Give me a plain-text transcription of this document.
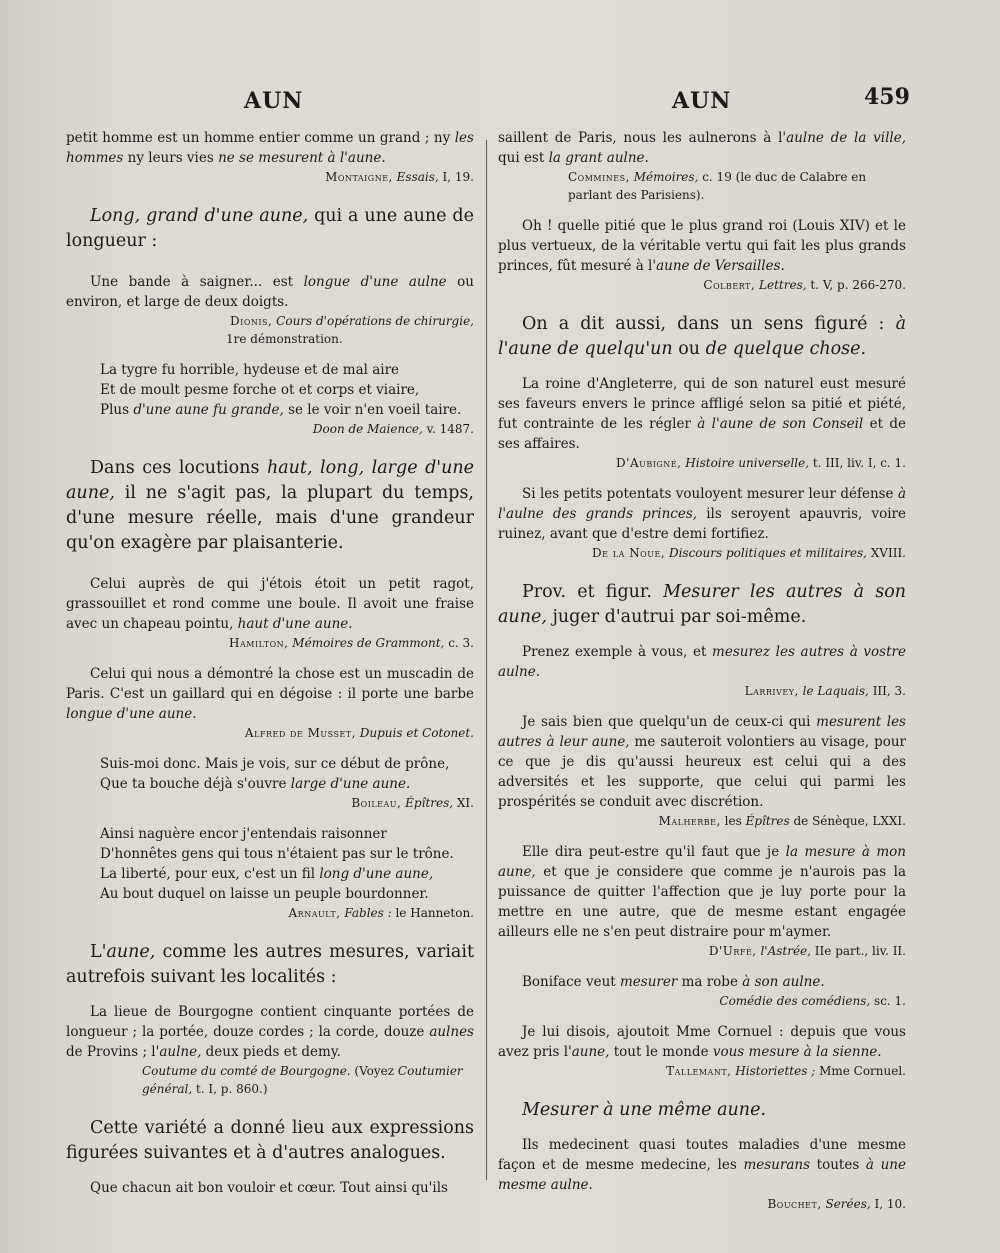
AUN	AUN	459

petit homme est un homme entier comme un grand ; ny les hommes ny leurs vies ne se mesurent à l'aune.

Montaigne, Essais, I, 19.

Long, grand d'une aune, qui a une aune de longueur :

Une bande à saigner... est longue d'une aulne ou environ, et large de deux doigts.

Dionis, Cours d'opérations de chirurgie,

1re démonstration.

La tygre fu horrible, hydeuse et de mal aire

Et de moult pesme forche ot et corps et viaire,

Plus d'une aune fu grande, se le voir n'en voeil taire.

Doon de Maience, v. 1487.

Dans ces locutions haut, long, large d'une aune, il ne s'agit pas, la plupart du temps, d'une mesure réelle, mais d'une grandeur qu'on exagère par plaisanterie.

Celui auprès de qui j'étois étoit un petit ragot, grassouillet et rond comme une boule. Il avoit une fraise avec un chapeau pointu, haut d'une aune.

Hamilton, Mémoires de Grammont, c. 3.

Celui qui nous a démontré la chose est un muscadin de Paris. C'est un gaillard qui en dégoise : il porte une barbe longue d'une aune.

Alfred de Musset, Dupuis et Cotonet.

Suis-moi donc. Mais je vois, sur ce début de prône,

Que ta bouche déjà s'ouvre large d'une aune.

Boileau, Épîtres, XI.

Ainsi naguère encor j'entendais raisonner

D'honnêtes gens qui tous n'étaient pas sur le trône.

La liberté, pour eux, c'est un fil long d'une aune,

Au bout duquel on laisse un peuple bourdonner.

Arnault, Fables : le Hanneton.

L'aune, comme les autres mesures, variait autrefois suivant les localités :

La lieue de Bourgogne contient cinquante portées de longueur ; la portée, douze cordes ; la corde, douze aulnes de Provins ; l'aulne, deux pieds et demy.

Coutume du comté de Bourgogne. (Voyez Coutumier général, t. I, p. 860.)

Cette variété a donné lieu aux expressions figurées suivantes et à d'autres analogues.

Que chacun ait bon vouloir et cœur. Tout ainsi qu'ils

saillent de Paris, nous les aulnerons à l'aulne de la ville, qui est la grant aulne.

Commines, Mémoires, c. 19 (le duc de Calabre en parlant des Parisiens).

Oh ! quelle pitié que le plus grand roi (Louis XIV) et le plus vertueux, de la véritable vertu qui fait les plus grands princes, fût mesuré à l'aune de Versailles.

Colbert, Lettres, t. V, p. 266-270.

On a dit aussi, dans un sens figuré : à l'aune de quelqu'un ou de quelque chose.

La roine d'Angleterre, qui de son naturel eust mesuré ses faveurs envers le prince affligé selon sa pitié et piété, fut contrainte de les régler à l'aune de son Conseil et de ses affaires.

D'Aubigné, Histoire universelle, t. III, liv. I, c. 1.

Si les petits potentats vouloyent mesurer leur défense à l'aulne des grands princes, ils seroyent apauvris, voire ruinez, avant que d'estre demi fortifiez.

De la Noue, Discours politiques et militaires, XVIII.

Prov. et figur. Mesurer les autres à son aune, juger d'autrui par soi-même.

Prenez exemple à vous, et mesurez les autres à vostre aulne.

Larrivey, le Laquais, III, 3.

Je sais bien que quelqu'un de ceux-ci qui mesurent les autres à leur aune, me sauteroit volontiers au visage, pour ce que je dis qu'aussi heureux est celui qui a des adversités et les supporte, que celui qui parmi les prospérités se conduit avec discrétion.

Malherbe, les Épîtres de Sénèque, LXXI.

Elle dira peut-estre qu'il faut que je la mesure à mon aune, et que je considere que comme je n'aurois pas la puissance de quitter l'affection que je luy porte pour la mettre en une autre, que de mesme estant engagée ailleurs elle ne s'en peut distraire pour m'aymer.

D'Urfé, l'Astrée, IIe part., liv. II.

Boniface veut mesurer ma robe à son aulne.

Comédie des comédiens, sc. 1.

Je lui disois, ajoutoit Mme Cornuel : depuis que vous avez pris l'aune, tout le monde vous mesure à la sienne.

Tallemant, Historiettes ; Mme Cornuel.

Mesurer à une même aune.

Ils medecinent quasi toutes maladies d'une mesme façon et de mesme medecine, les mesurans toutes à une mesme aulne.

Bouchet, Serées, I, 10.
